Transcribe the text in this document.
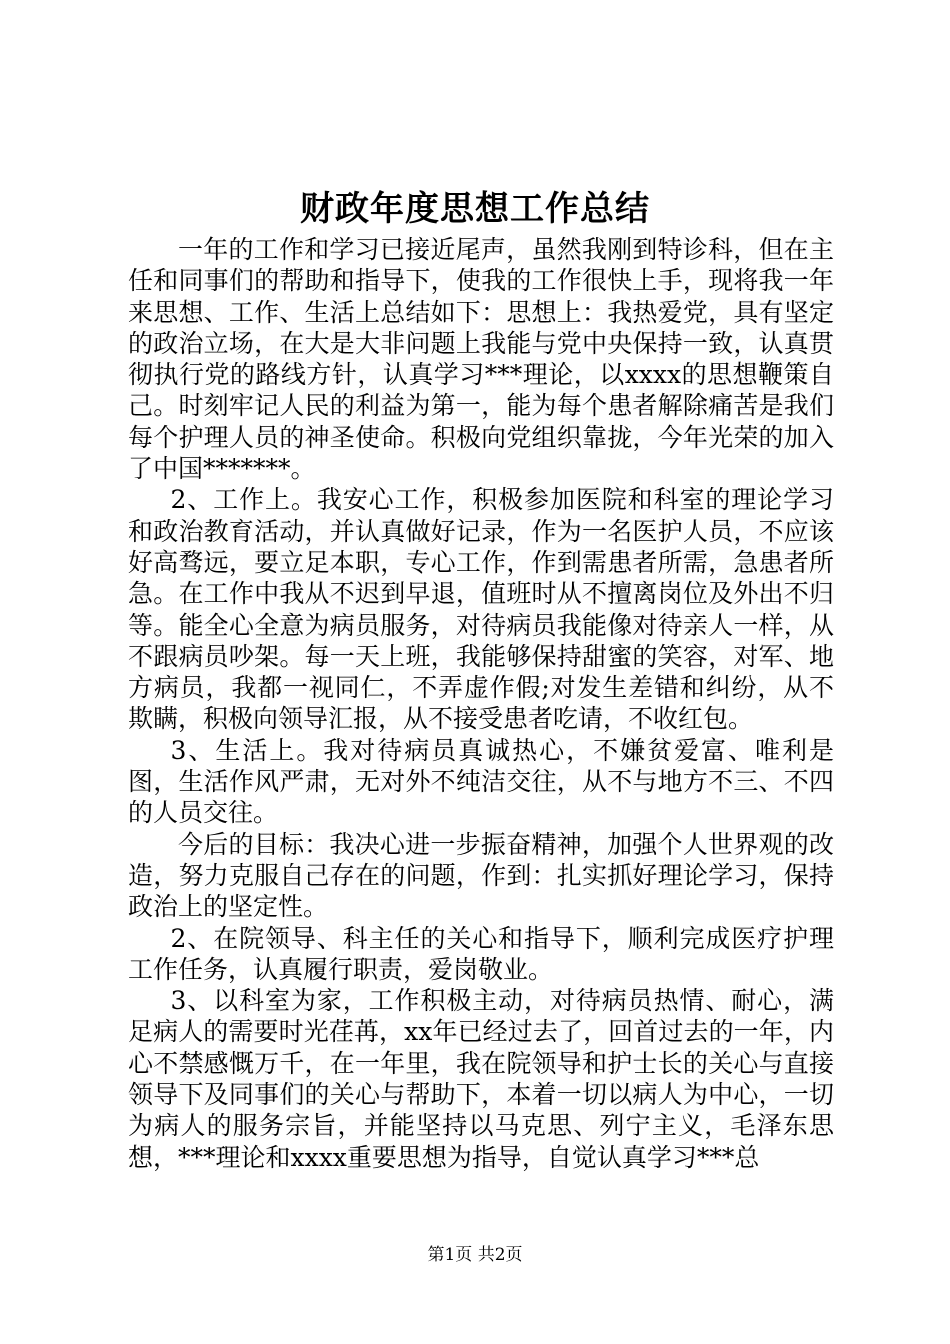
财政年度思想工作总结

一年的工作和学习已接近尾声，虽然我刚到特诊科，但在主任和同事们的帮助和指导下，使我的工作很快上手，现将我一年来思想、工作、生活上总结如下：思想上：我热爱党，具有坚定的政治立场，在大是大非问题上我能与党中央保持一致，认真贯彻执行党的路线方针，认真学习***理论，以xxxx的思想鞭策自己。时刻牢记人民的利益为第一，能为每个患者解除痛苦是我们每个护理人员的神圣使命。积极向党组织靠拢，今年光荣的加入了中国*******。

2、工作上。我安心工作，积极参加医院和科室的理论学习和政治教育活动，并认真做好记录，作为一名医护人员，不应该好高骛远，要立足本职，专心工作，作到需患者所需，急患者所急。在工作中我从不迟到早退，值班时从不擅离岗位及外出不归等。能全心全意为病员服务，对待病员我能像对待亲人一样，从不跟病员吵架。每一天上班，我能够保持甜蜜的笑容，对军、地方病员，我都一视同仁，不弄虚作假;对发生差错和纠纷，从不欺瞒，积极向领导汇报，从不接受患者吃请，不收红包。

3、生活上。我对待病员真诚热心，不嫌贫爱富、唯利是图，生活作风严肃，无对外不纯洁交往，从不与地方不三、不四的人员交往。

今后的目标：我决心进一步振奋精神，加强个人世界观的改造，努力克服自己存在的问题，作到：扎实抓好理论学习，保持政治上的坚定性。

2、在院领导、科主任的关心和指导下，顺利完成医疗护理工作任务，认真履行职责，爱岗敬业。

3、以科室为家，工作积极主动，对待病员热情、耐心，满足病人的需要时光荏苒，xx年已经过去了，回首过去的一年，内心不禁感慨万千，在一年里，我在院领导和护士长的关心与直接领导下及同事们的关心与帮助下，本着一切以病人为中心，一切为病人的服务宗旨，并能坚持以马克思、列宁主义，毛泽东思想，***理论和xxxx重要思想为指导，自觉认真学习***总

第1页 共2页
